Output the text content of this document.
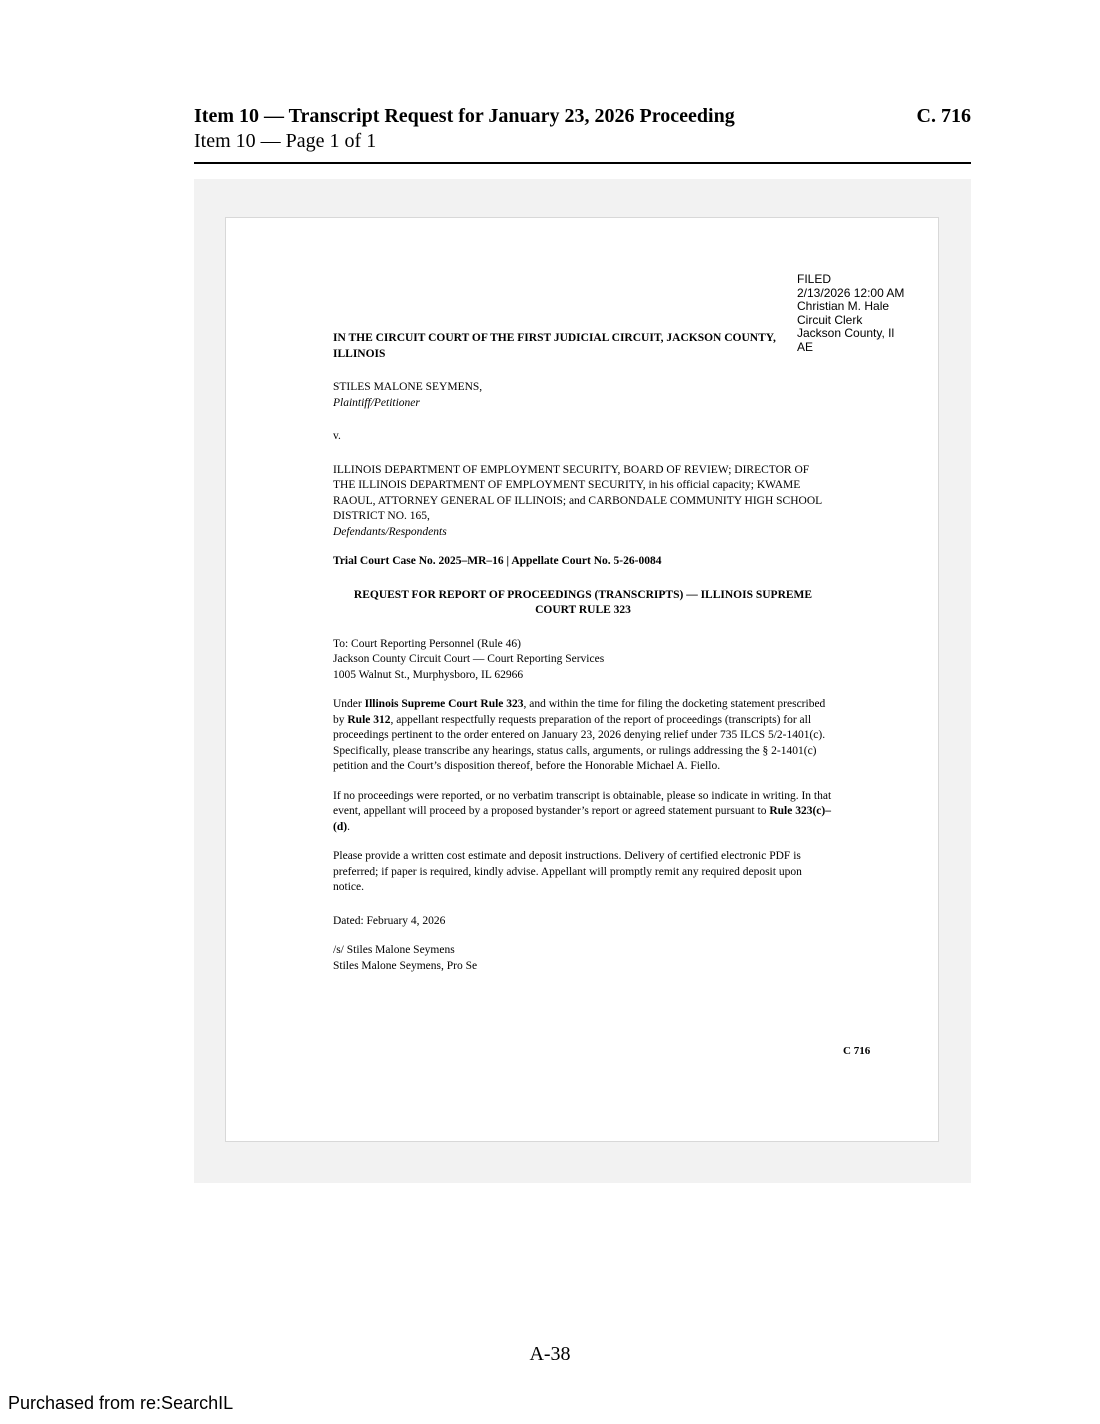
Item 10 — Transcript Request for January 23, 2026 Proceeding
Item 10 — Page 1 of 1
C. 716
FILED
2/13/2026 12:00 AM
Christian M. Hale
Circuit Clerk
Jackson County, Il
AE

IN THE CIRCUIT COURT OF THE FIRST JUDICIAL CIRCUIT, JACKSON COUNTY, ILLINOIS

STILES MALONE SEYMENS,

Plaintiff/Petitioner

v.

ILLINOIS DEPARTMENT OF EMPLOYMENT SECURITY, BOARD OF REVIEW; DIRECTOR OF THE ILLINOIS DEPARTMENT OF EMPLOYMENT SECURITY, in his official capacity; KWAME RAOUL, ATTORNEY GENERAL OF ILLINOIS; and CARBONDALE COMMUNITY HIGH SCHOOL DISTRICT NO. 165,

Defendants/Respondents

Trial Court Case No. 2025–MR–16 | Appellate Court No. 5-26-0084

REQUEST FOR REPORT OF PROCEEDINGS (TRANSCRIPTS) — ILLINOIS SUPREME COURT RULE 323

To: Court Reporting Personnel (Rule 46)

Jackson County Circuit Court — Court Reporting Services

1005 Walnut St., Murphysboro, IL 62966

Under Illinois Supreme Court Rule 323, and within the time for filing the docketing statement prescribed by Rule 312, appellant respectfully requests preparation of the report of proceedings (transcripts) for all proceedings pertinent to the order entered on January 23, 2026 denying relief under 735 ILCS 5/2-1401(c). Specifically, please transcribe any hearings, status calls, arguments, or rulings addressing the § 2-1401(c) petition and the Court’s disposition thereof, before the Honorable Michael A. Fiello.

If no proceedings were reported, or no verbatim transcript is obtainable, please so indicate in writing. In that event, appellant will proceed by a proposed bystander’s report or agreed statement pursuant to Rule 323(c)–(d).

Please provide a written cost estimate and deposit instructions. Delivery of certified electronic PDF is preferred; if paper is required, kindly advise. Appellant will promptly remit any required deposit upon notice.

Dated: February 4, 2026

/s/ Stiles Malone Seymens

Stiles Malone Seymens, Pro Se

C 716
A-38
Purchased from re:SearchIL
